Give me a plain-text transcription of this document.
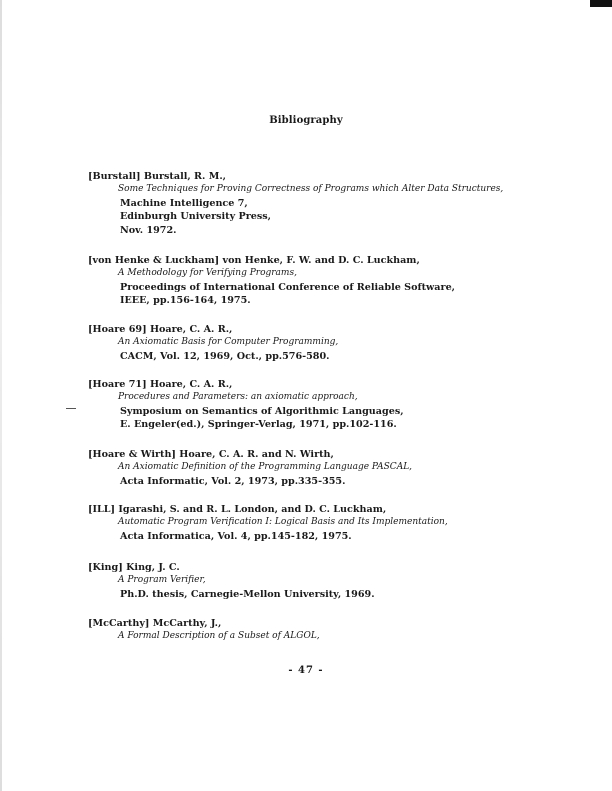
Bibliography
[Burstall] Burstall, R. M.,
Some Techniques for Proving Correctness of Programs which Alter Data Structures,
Machine Intelligence 7,
Edinburgh University Press,
Nov. 1972.
[von Henke & Luckham] von Henke, F. W. and D. C. Luckham,
A Methodology for Verifying Programs,
Proceedings of International Conference of Reliable Software,
IEEE, pp.156-164, 1975.
[Hoare 69] Hoare, C. A. R.,
An Axiomatic Basis for Computer Programming,
CACM, Vol. 12, 1969, Oct., pp.576-580.
[Hoare 71] Hoare, C. A. R.,
Procedures and Parameters: an axiomatic approach,
Symposium on Semantics of Algorithmic Languages,
E. Engeler(ed.), Springer-Verlag, 1971, pp.102-116.
[Hoare & Wirth] Hoare, C. A. R. and N. Wirth,
An Axiomatic Definition of the Programming Language PASCAL,
Acta Informatic, Vol. 2, 1973, pp.335-355.
[ILL] Igarashi, S. and R. L. London, and D. C. Luckham,
Automatic Program Verification I: Logical Basis and Its Implementation,
Acta Informatica, Vol. 4, pp.145-182, 1975.
[King] King, J. C.
A Program Verifier,
Ph.D. thesis, Carnegie-Mellon University, 1969.
[McCarthy] McCarthy, J.,
A Formal Description of a Subset of ALGOL,
- 47 -
